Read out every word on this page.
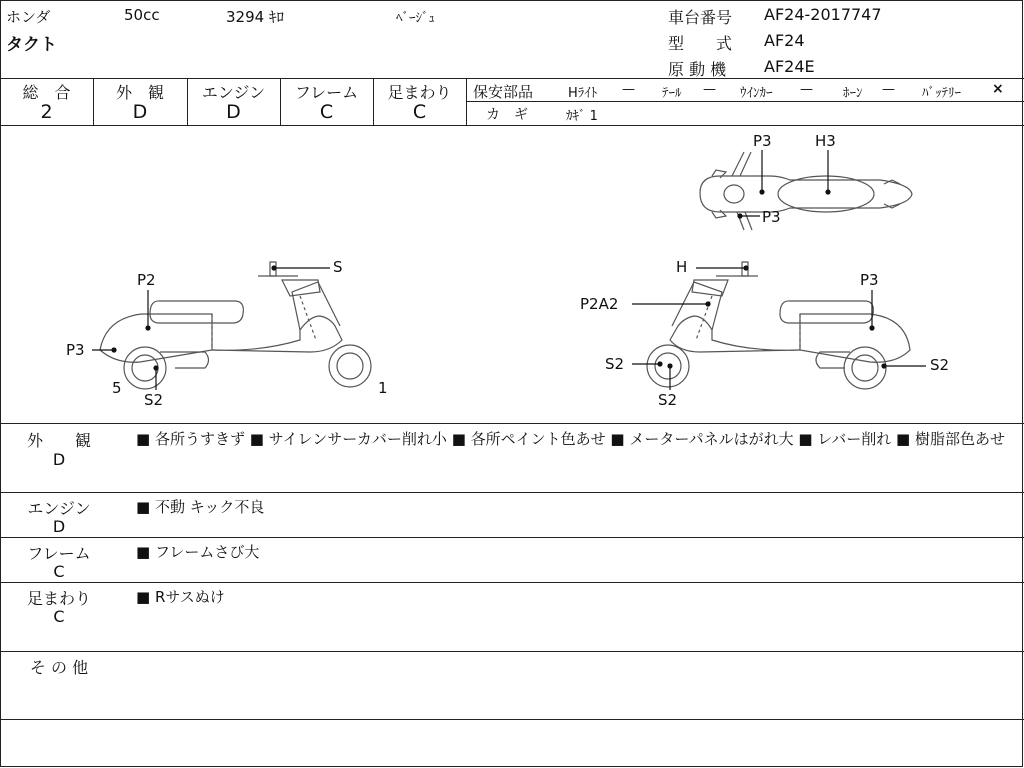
ホンダ	50cc	3294 ｷﾛ	ﾍﾞｰｼﾞｭ
タクト
車台番号 AF24-2017747
型　　式 AF24
原 動 機 AF24E
総　合
2
外　観
D
エンジン
D
フレーム
C
足まわり
C
保安部品	Hﾗｲﾄ — ﾃｰﾙ — ｳｲﾝｶｰ — ﾎｰﾝ — ﾊﾞｯﾃﾘｰ ×
カ　ギ	ｶｷﾞ 1
S
P2
P3
5
S2
1
P3	H3
P3
H
P2A2
P3
S2	S2
S2
外　　観
D
■ 各所うすきず ■ サイレンサーカバー削れ小 ■ 各所ペイント色あせ ■ メーターパネルはがれ大 ■ レバー削れ ■ 樹脂部色あせ
エンジン
D
■ 不動 キック不良
フレーム
C
■ フレームさび大
足まわり
C
■ Rサスぬけ
そ の 他
